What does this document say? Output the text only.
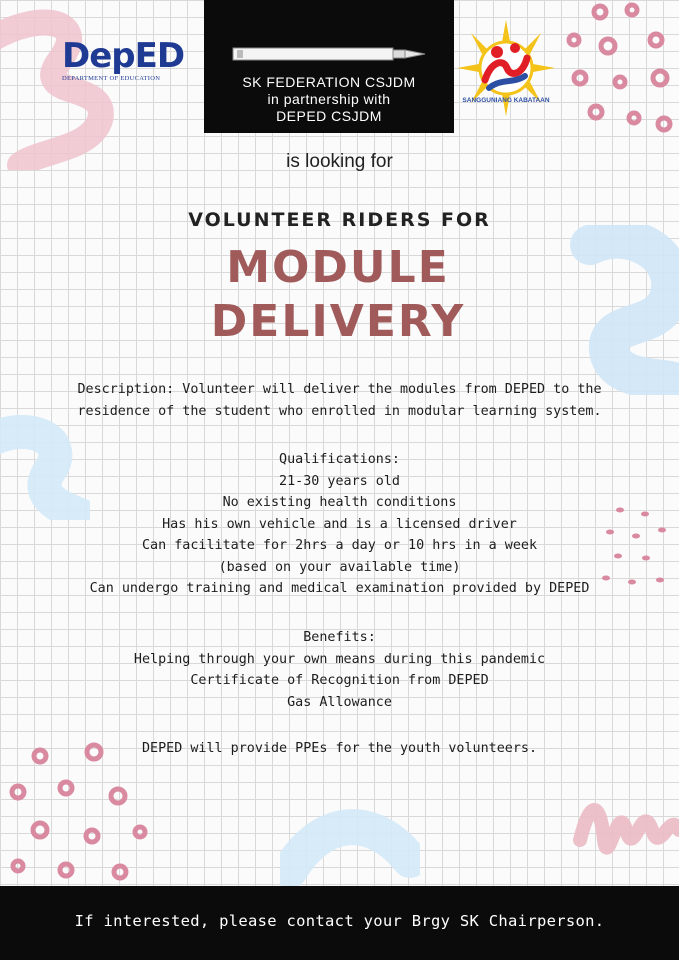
DepED
DEPARTMENT OF EDUCATION	SK FEDERATION CSJDM
in partnership with
DEPED CSJDM
SANGGUNIANG KABATAAN
is looking for
VOLUNTEER RIDERS FOR
MODULE
DELIVERY
Description: Volunteer will deliver the modules from DEPED to the
residence of the student who enrolled in modular learning system.
Qualifications:
21-30 years old
No existing health conditions
Has his own vehicle and is a licensed driver
Can facilitate for 2hrs a day or 10 hrs in a week
(based on your available time)
Can undergo training and medical examination provided by DEPED
Benefits:
Helping through your own means during this pandemic
Certificate of Recognition from DEPED
Gas Allowance
DEPED will provide PPEs for the youth volunteers.
If interested, please contact your Brgy SK Chairperson.
